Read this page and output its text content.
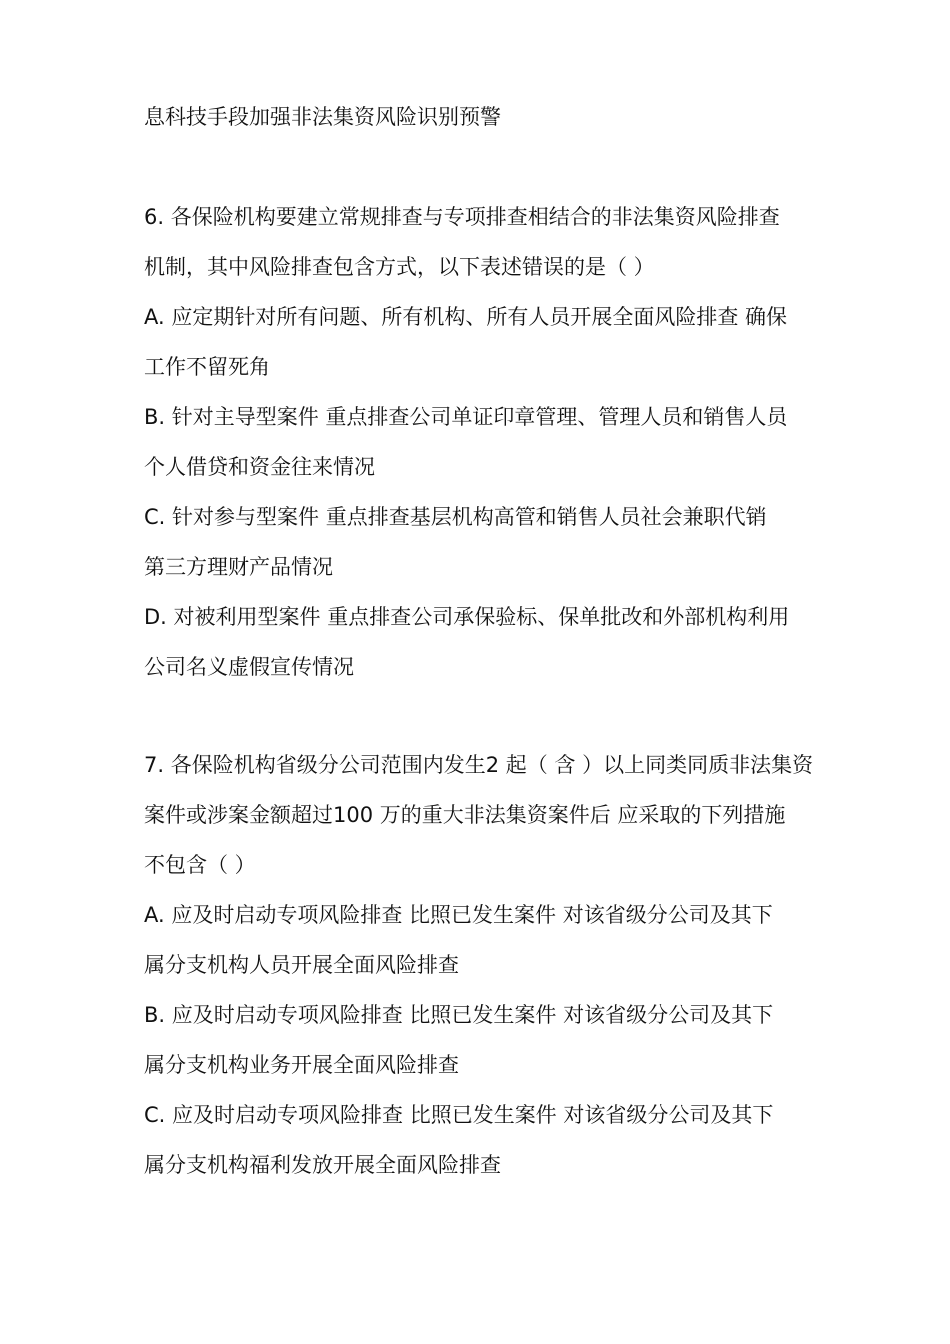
息科技手段加强非法集资风险识别预警
6. 各保险机构要建立常规排查与专项排查相结合的非法集资风险排查
机制，其中风险排查包含方式，以下表述错误的是（ ）
A. 应定期针对所有问题、所有机构、所有人员开展全面风险排查 确保
工作不留死角
B. 针对主导型案件 重点排查公司单证印章管理、管理人员和销售人员
个人借贷和资金往来情况
C. 针对参与型案件 重点排查基层机构高管和销售人员社会兼职代销
第三方理财产品情况
D. 对被利用型案件 重点排查公司承保验标、保单批改和外部机构利用
公司名义虚假宣传情况
7. 各保险机构省级分公司范围内发生2 起（ 含 ）以上同类同质非法集资
案件或涉案金额超过100 万的重大非法集资案件后 应采取的下列措施
不包含（ ）
A. 应及时启动专项风险排查 比照已发生案件 对该省级分公司及其下
属分支机构人员开展全面风险排查
B. 应及时启动专项风险排查 比照已发生案件 对该省级分公司及其下
属分支机构业务开展全面风险排查
C. 应及时启动专项风险排查 比照已发生案件 对该省级分公司及其下
属分支机构福利发放开展全面风险排查
